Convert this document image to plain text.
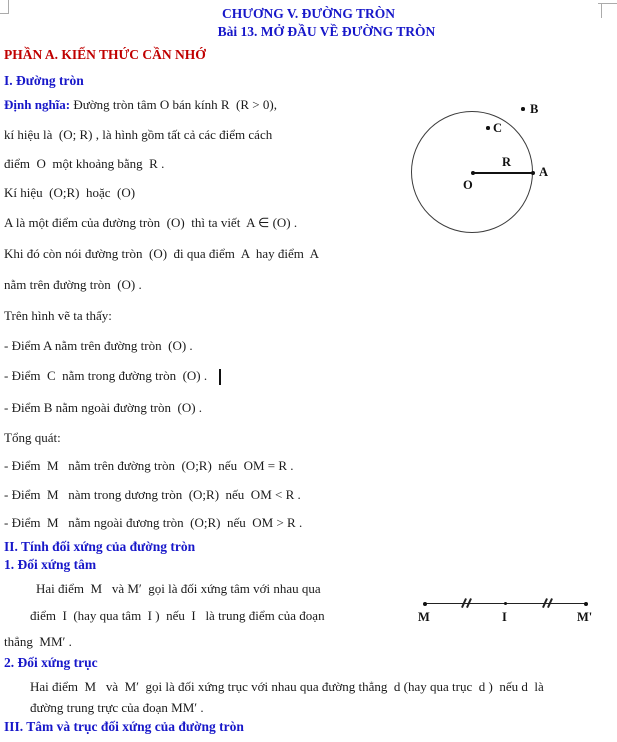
CHƯƠNG V. ĐƯỜNG TRÒN
Bài 13. MỞ ĐẦU VỀ ĐƯỜNG TRÒN
PHẦN A. KIẾN THỨC CẦN NHỚ
I. Đường tròn
Định nghĩa: Đường tròn tâm O bán kính R  (R > 0),
kí hiệu là  (O; R) , là hình gồm tất cả các điểm cách
điểm  O  một khoảng bằng  R .
Kí hiệu  (O;R)  hoặc  (O)
A là một điểm của đường tròn  (O)  thì ta viết  A ∈ (O) .
Khi đó còn nói đường tròn  (O)  đi qua điểm  A  hay điểm  A
nằm trên đường tròn  (O) .
Trên hình vẽ ta thấy:
- Điểm A nằm trên đường tròn  (O) .
- Điểm  C  nằm trong đường tròn  (O) .
- Điểm B nằm ngoài đường tròn  (O) .
Tổng quát:
- Điểm  M   nằm trên đường tròn  (O;R)  nếu  OM = R .
- Điểm  M   nàm trong dương tròn  (O;R)  nếu  OM < R .
- Điểm  M   nằm ngoài đương tròn  (O;R)  nếu  OM > R .
O
A
B
C
R
II. Tính đối xứng của đường tròn
1. Đối xứng tâm
Hai điểm  M   và M′  gọi là đối xứng tâm với nhau qua
điểm  I  (hay qua tâm  I )  nếu  I   là trung điểm của đoạn
thẳng  MM′ .
M	I	M'
2. Đối xứng trục
Hai điểm  M   và  M′  gọi là đối xứng trục với nhau qua đường thẳng  d (hay qua trục  d )  nếu d  là
đường trung trực của đoạn MM′ .
III. Tâm và trục đối xứng của đường tròn
